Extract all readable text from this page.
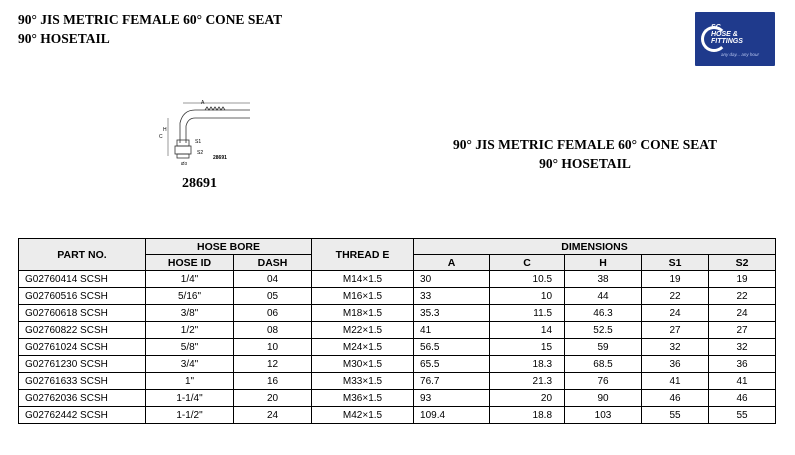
90° JIS METRIC FEMALE 60° CONE SEAT
90° HOSETAIL
SC
HOSE &
FITTINGS
any day... any hour
A
C
H
S1
S2
Ø3
28691
28691
90° JIS METRIC FEMALE 60° CONE SEAT
90° HOSETAIL
PART NO.	HOSE BORE		THREAD E	DIMENSIONS				
	HOSE ID	DASH		A	C	H	S1	S2
G02760414 SCSH	1/4"	04	M14×1.5	30	10.5	38	19	19
G02760516 SCSH	5/16"	05	M16×1.5	33	10	44	22	22
G02760618 SCSH	3/8"	06	M18×1.5	35.3	11.5	46.3	24	24
G02760822 SCSH	1/2"	08	M22×1.5	41	14	52.5	27	27
G02761024 SCSH	5/8"	10	M24×1.5	56.5	15	59	32	32
G02761230 SCSH	3/4"	12	M30×1.5	65.5	18.3	68.5	36	36
G02761633 SCSH	1"	16	M33×1.5	76.7	21.3	76	41	41
G02762036 SCSH	1-1/4"	20	M36×1.5	93	20	90	46	46
G02762442 SCSH	1-1/2"	24	M42×1.5	109.4	18.8	103	55	55
